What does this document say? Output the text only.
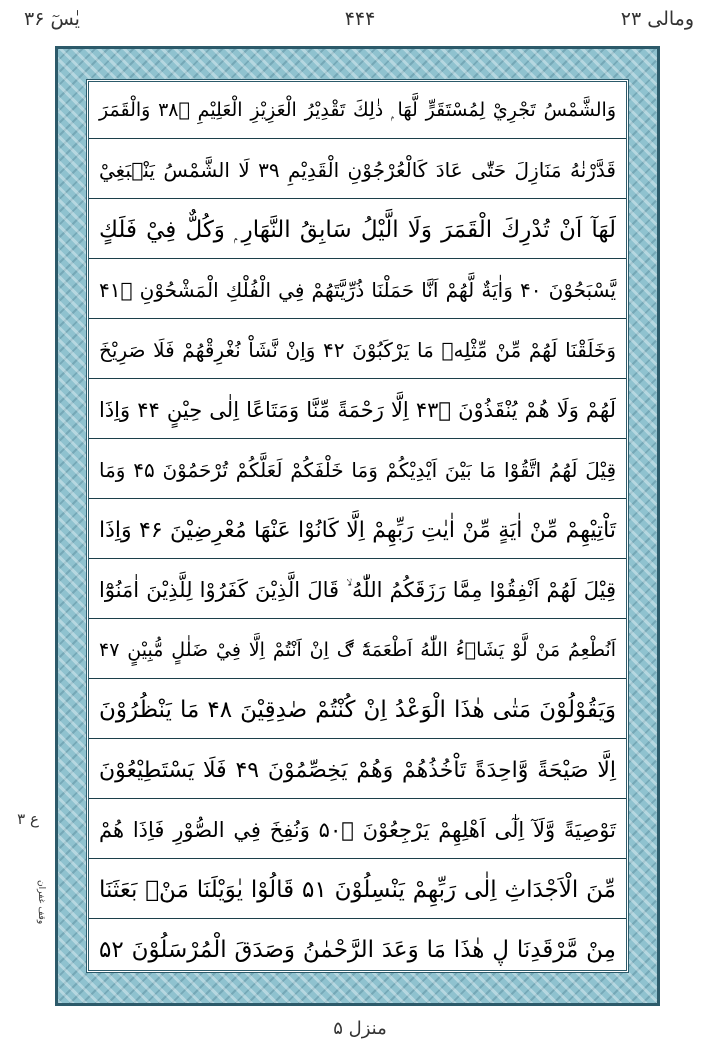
یٰسٓ ۳۶	۴۴۴	ومالی ۲۳
وَالشَّمْسُ تَجْرِيْ لِمُسْتَقَرٍّ لَّهَا ۭ ذٰلِكَ تَقْدِيْرُ الْعَزِيْزِ الْعَلِيْمِ ۳۸ۭ وَالْقَمَرَ
قَدَّرْنٰهُ مَنَازِلَ حَتّٰى عَادَ كَالْعُرْجُوْنِ الْقَدِيْمِ ۳۹ لَا الشَّمْسُ يَنْۢبَغِيْ
لَهَآ اَنْ تُدْرِكَ الْقَمَرَ وَلَا الَّيْلُ سَابِقُ النَّهَارِ ۭ وَكُلٌّ فِيْ فَلَكٍ
يَّسْبَحُوْنَ ۴۰ وَاٰيَةٌ لَّهُمْ اَنَّا حَمَلْنَا ذُرِّيَّتَهُمْ فِي الْفُلْكِ الْمَشْحُوْنِ ۴۱ۙ
وَخَلَقْنَا لَهُمْ مِّنْ مِّثْلِهٖ مَا يَرْكَبُوْنَ ۴۲ وَاِنْ نَّشَاْ نُغْرِقْهُمْ فَلَا صَرِيْخَ
لَهُمْ وَلَا هُمْ يُنْقَذُوْنَ ۴۳ۙ اِلَّا رَحْمَةً مِّنَّا وَمَتَاعًا اِلٰى حِيْنٍ ۴۴ وَاِذَا
قِيْلَ لَهُمُ اتَّقُوْا مَا بَيْنَ اَيْدِيْكُمْ وَمَا خَلْفَكُمْ لَعَلَّكُمْ تُرْحَمُوْنَ ۴۵ وَمَا
تَاْتِيْهِمْ مِّنْ اٰيَةٍ مِّنْ اٰيٰتِ رَبِّهِمْ اِلَّا كَانُوْا عَنْهَا مُعْرِضِيْنَ ۴۶ وَاِذَا
قِيْلَ لَهُمْ اَنْفِقُوْا مِمَّا رَزَقَكُمُ اللّٰهُ ۙ قَالَ الَّذِيْنَ كَفَرُوْا لِلَّذِيْنَ اٰمَنُوْٓا
اَنُطْعِمُ مَنْ لَّوْ يَشَاۗءُ اللّٰهُ اَطْعَمَهٗٓ ڰ اِنْ اَنْتُمْ اِلَّا فِيْ ضَلٰلٍ مُّبِيْنٍ ۴۷
وَيَقُوْلُوْنَ مَتٰى هٰذَا الْوَعْدُ اِنْ كُنْتُمْ صٰدِقِيْنَ ۴۸ مَا يَنْظُرُوْنَ
اِلَّا صَيْحَةً وَّاحِدَةً تَاْخُذُهُمْ وَهُمْ يَخِصِّمُوْنَ ۴۹ فَلَا يَسْتَطِيْعُوْنَ
تَوْصِيَةً وَّلَآ اِلٰٓى اَهْلِهِمْ يَرْجِعُوْنَ ۵۰ۧ وَنُفِخَ فِي الصُّوْرِ فَاِذَا هُمْ
مِّنَ الْاَجْدَاثِ اِلٰى رَبِّهِمْ يَنْسِلُوْنَ ۵۱ قَالُوْا يٰوَيْلَنَا مَنْۢ بَعَثَنَا
مِنْ مَّرْقَدِنَا ڸ هٰذَا مَا وَعَدَ الرَّحْمٰنُ وَصَدَقَ الْمُرْسَلُوْنَ ۵۲
ع ۳
وقف غفران
منزل ۵
